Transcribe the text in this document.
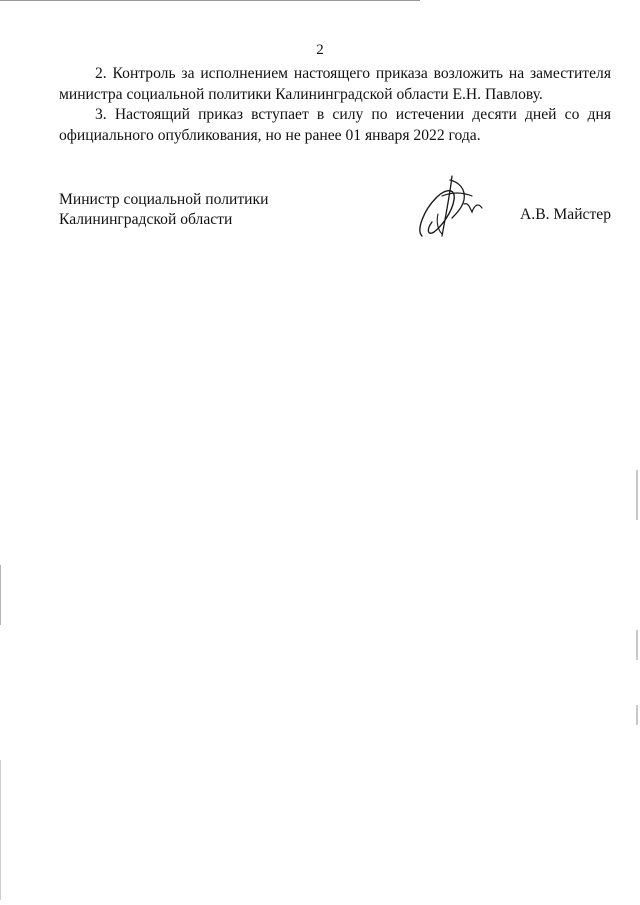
2

2. Контроль за исполнением настоящего приказа возложить на заместителя министра социальной политики Калининградской области Е.Н. Павлову.

3. Настоящий приказ вступает в силу по истечении десяти дней со дня официального опубликования, но не ранее 01 января 2022 года.

Министр социальной политики
Калининградской области	А.В. Майстер
